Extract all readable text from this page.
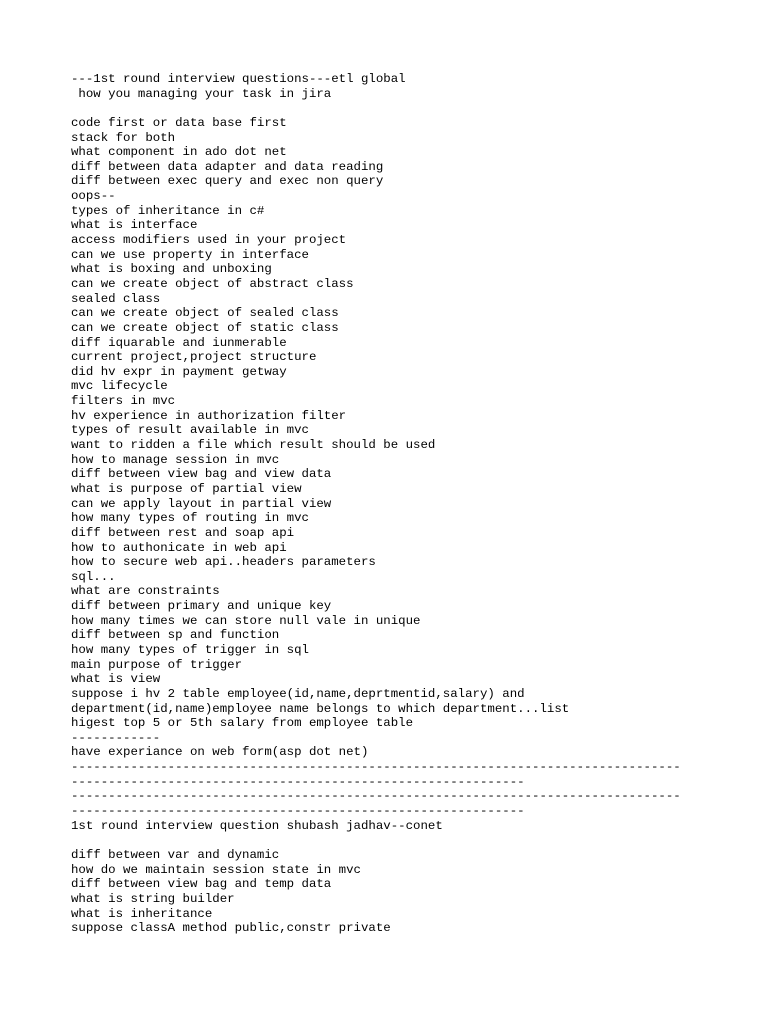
---1st round interview questions---etl global
how you managing your task in jira
code first or data base first
stack for both
what component in ado dot net
diff between data adapter and data reading
diff between exec query and exec non query
oops--
types of inheritance in c#
what is interface
access modifiers used in your project
can we use property in interface
what is boxing and unboxing
can we create object of abstract class
sealed class
can we create object of sealed class
can we create object of static class
diff iquarable and iunmerable
current project,project structure
did hv expr in payment getway
mvc lifecycle
filters in mvc
hv experience in authorization filter
types of result available in mvc
want to ridden a file which result should be used
how to manage session in mvc
diff between view bag and view data
what is purpose of partial view
can we apply layout in partial view
how many types of routing in mvc
diff between rest and soap api
how to authonicate in web api
how to secure web api..headers parameters
sql...
what are constraints
diff between primary and unique key
how many times we can store null vale in unique
diff between sp and function
how many types of trigger in sql
main purpose of trigger
what is view
suppose i hv 2 table employee(id,name,deprtmentid,salary) and
department(id,name)employee name belongs to which department...list
higest top 5 or 5th salary from employee table
------------
have experiance on web form(asp dot net)
----------------------------------------------------------------------------------
-------------------------------------------------------------
----------------------------------------------------------------------------------
-------------------------------------------------------------
1st round interview question shubash jadhav--conet
diff between var and dynamic
how do we maintain session state in mvc
diff between view bag and temp data
what is string builder
what is inheritance
suppose classA method public,constr private
